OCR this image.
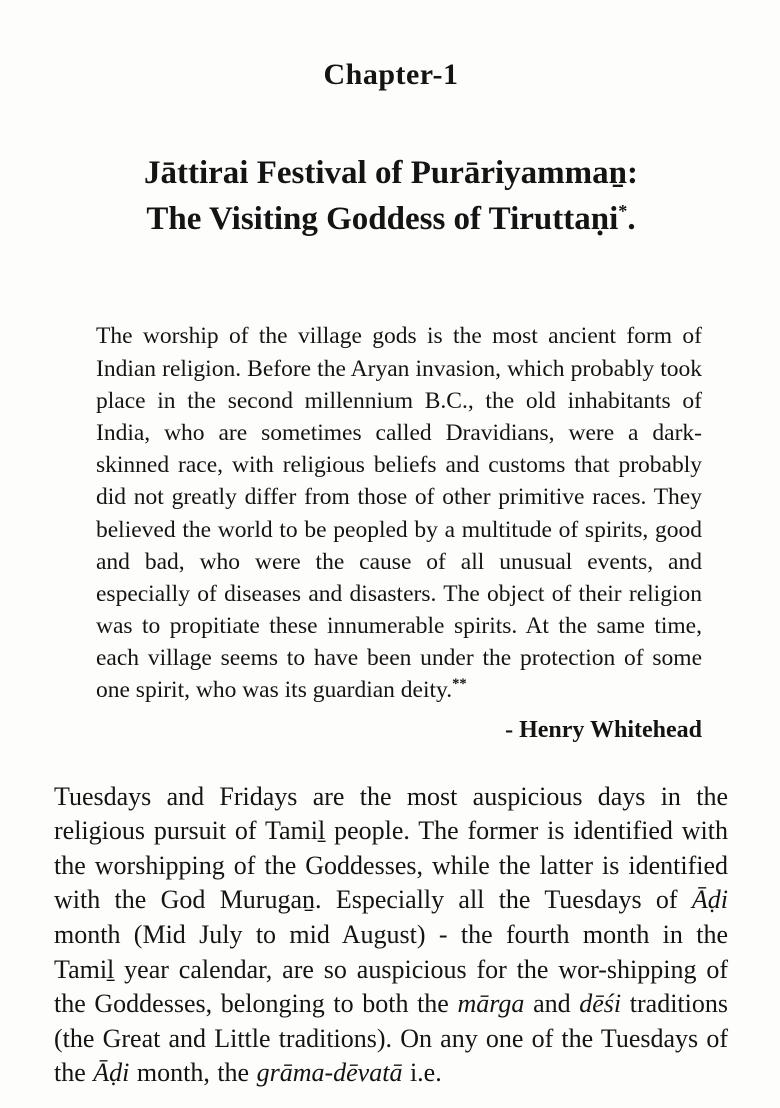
Chapter-1
Jāttirai Festival of Purāriyammaṉ:
The Visiting Goddess of Tiruttaṇi*.
The worship of the village gods is the most ancient form of Indian religion. Before the Aryan invasion, which probably took place in the second millennium B.C., the old inhabitants of India, who are sometimes called Dravidians, were a dark-skinned race, with religious beliefs and customs that probably did not greatly differ from those of other primitive races. They believed the world to be peopled by a multitude of spirits, good and bad, who were the cause of all unusual events, and especially of diseases and disasters. The object of their religion was to propitiate these innumerable spirits. At the same time, each village seems to have been under the protection of some one spirit, who was its guardian deity.**
- Henry Whitehead

Tuesdays and Fridays are the most auspicious days in the religious pursuit of Tamiḻ people. The former is identified with the worshipping of the Goddesses, while the latter is identified with the God Murugaṉ. Especially all the Tuesdays of Āḍi month (Mid July to mid August) - the fourth month in the Tamiḻ year calendar, are so auspicious for the wor-shipping of the Goddesses, belonging to both the mārga and dēśi traditions (the Great and Little traditions). On any one of the Tuesdays of the Āḍi month, the grāma-dēvatā i.e.
